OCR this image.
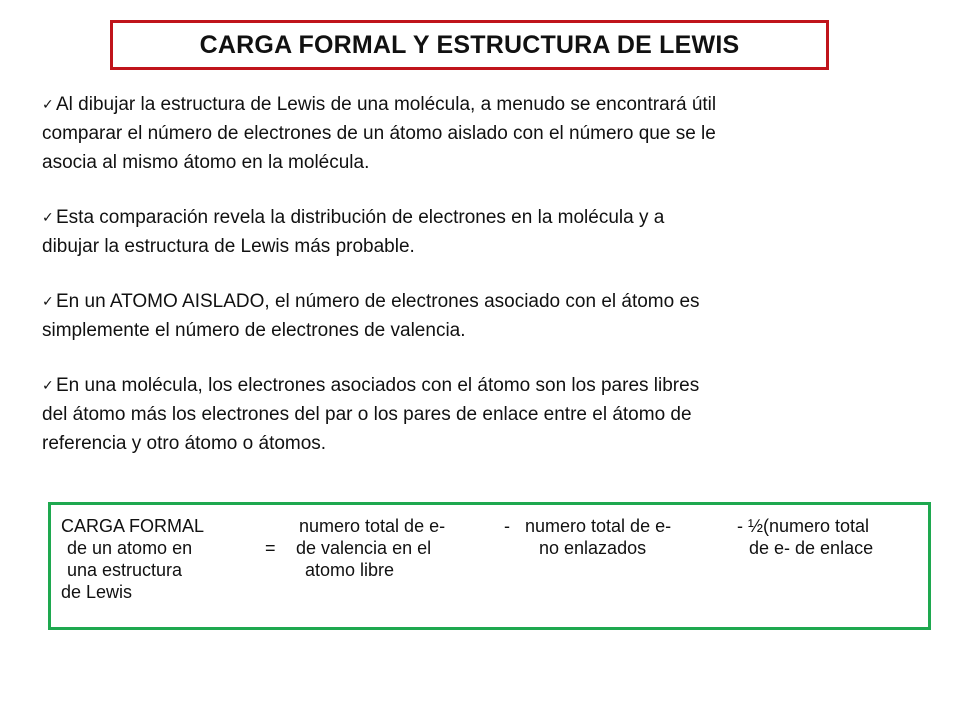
CARGA FORMAL Y ESTRUCTURA DE LEWIS

✓ Al dibujar la estructura de Lewis de una molécula, a menudo se encontrará útil
comparar el número de electrones de un átomo aislado con el número que se le
asocia al mismo átomo en la molécula.

✓ Esta comparación revela la distribución de electrones en la molécula y a
dibujar la estructura de Lewis más probable.

✓ En un ATOMO AISLADO, el número de electrones asociado con el átomo es
simplemente el número de electrones de valencia.

✓ En una molécula, los electrones asociados con el átomo son los pares libres
del átomo más los electrones del par o los pares de enlace entre el átomo de
referencia y otro átomo o átomos.

CARGA FORMAL
de un atomo en
una estructura
de Lewis
=
numero total de e-
de valencia en el
atomo libre
- numero total de e-
no enlazados
- ½(numero total
de e- de enlace
